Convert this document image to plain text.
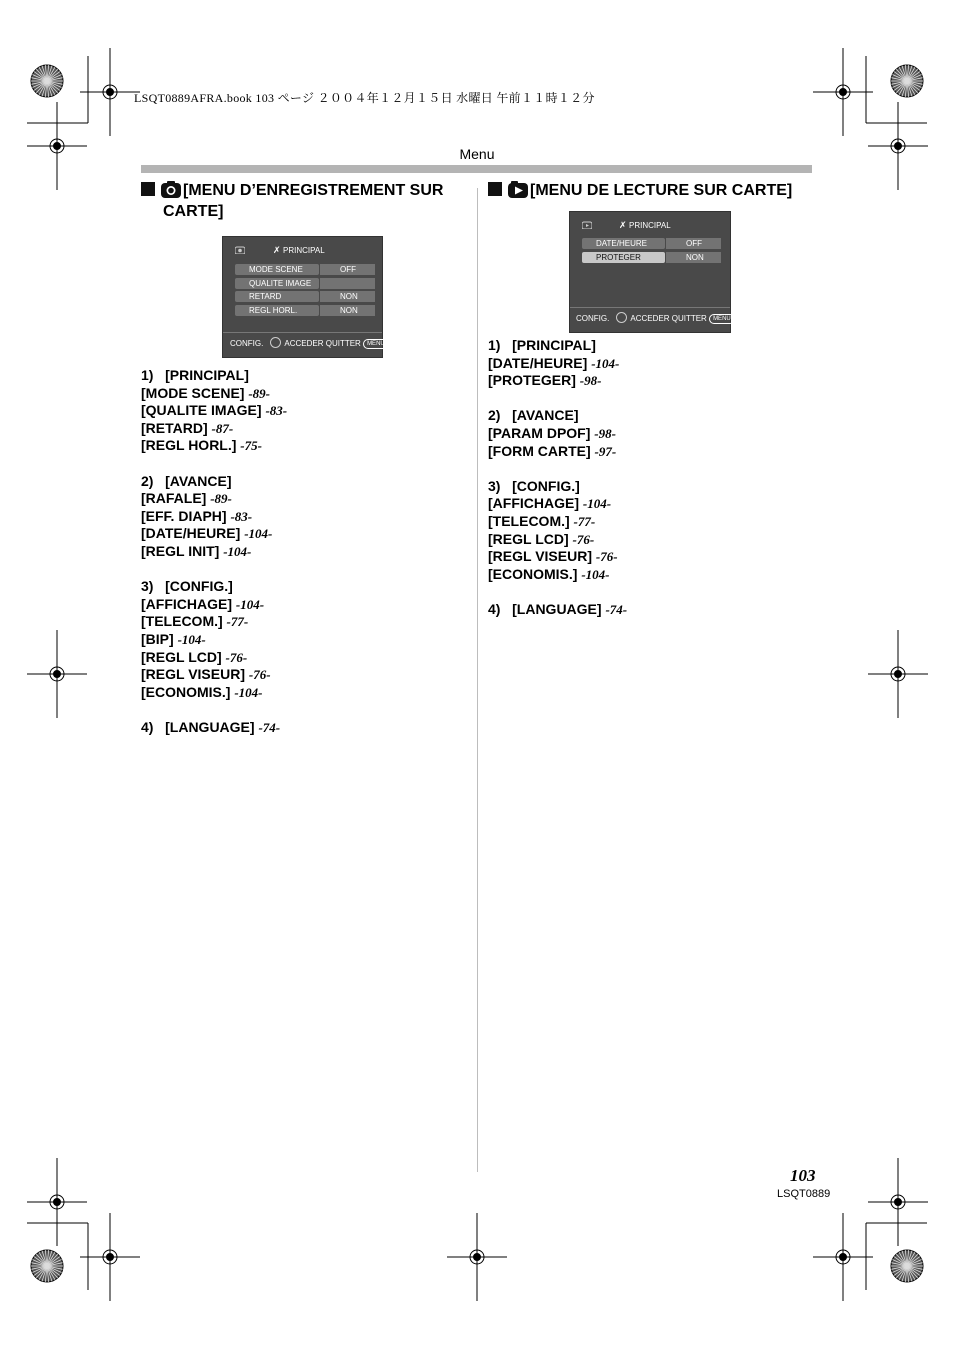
LSQT0889AFRA.book 103 ページ ２００４年１２月１５日 水曜日 午前１１時１２分
Menu
[MENU D’ENREGISTREMENT SUR
CARTE]
✗ PRINCIPAL
MODE SCENE	OFF
QUALITE IMAGE
RETARD	NON
REGL HORL.	NON
CONFIG.	ACCEDER QUITTER MENU
1)   [PRINCIPAL]
[MODE SCENE] -89-
[QUALITE IMAGE] -83-
[RETARD] -87-
[REGL HORL.] -75-
2)   [AVANCE]
[RAFALE] -89-
[EFF. DIAPH] -83-
[DATE/HEURE] -104-
[REGL INIT] -104-
3)   [CONFIG.]
[AFFICHAGE] -104-
[TELECOM.] -77-
[BIP] -104-
[REGL LCD] -76-
[REGL VISEUR] -76-
[ECONOMIS.] -104-
4)   [LANGUAGE] -74-
[MENU DE LECTURE SUR CARTE]
✗ PRINCIPAL
DATE/HEURE	OFF
PROTEGER	NON
CONFIG.	ACCEDER QUITTER MENU
1)   [PRINCIPAL]
[DATE/HEURE] -104-
[PROTEGER] -98-
2)   [AVANCE]
[PARAM DPOF] -98-
[FORM CARTE] -97-
3)   [CONFIG.]
[AFFICHAGE] -104-
[TELECOM.] -77-
[REGL LCD] -76-
[REGL VISEUR] -76-
[ECONOMIS.] -104-
4)   [LANGUAGE] -74-
103
LSQT0889
